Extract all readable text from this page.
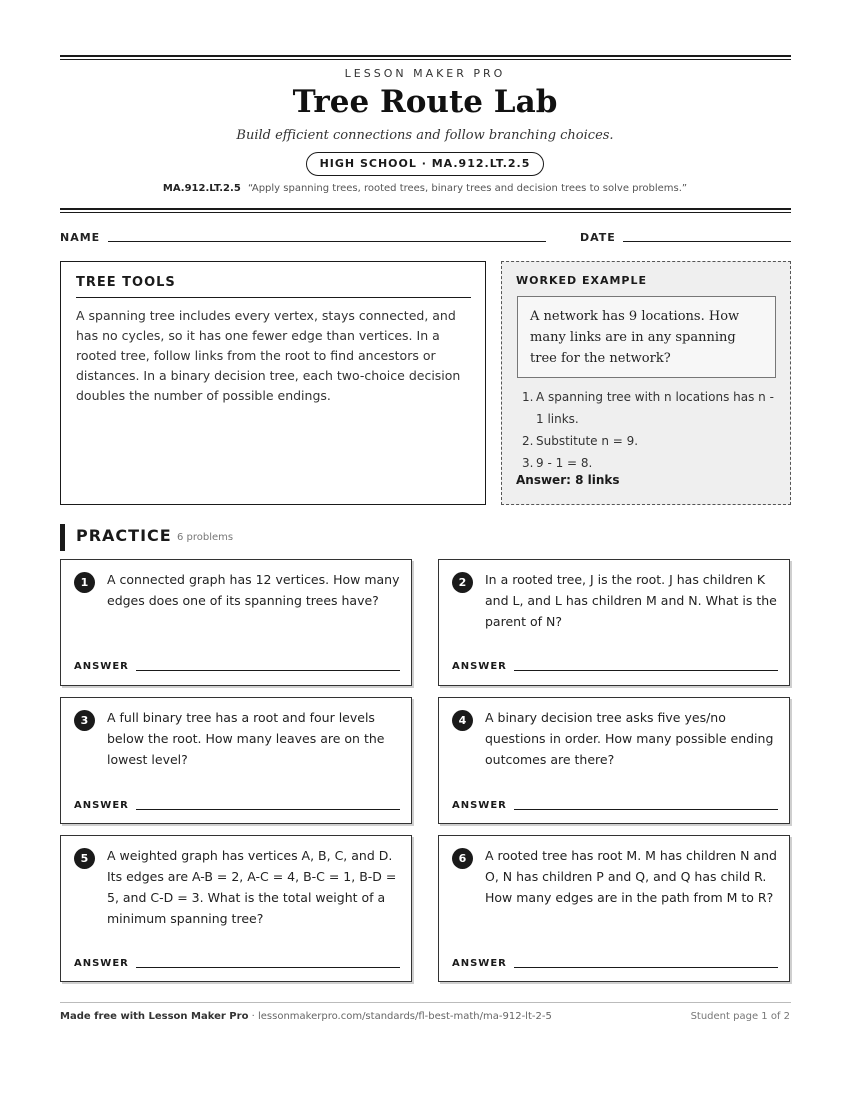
LESSON MAKER PRO
Tree Route Lab
Build efficient connections and follow branching choices.
HIGH SCHOOL · MA.912.LT.2.5
MA.912.LT.2.5 “Apply spanning trees, rooted trees, binary trees and decision trees to solve problems.”
NAME	DATE
TREE TOOLS
A spanning tree includes every vertex, stays connected, and has no cycles, so it has one fewer edge than vertices. In a rooted tree, follow links from the root to find ancestors or distances. In a binary decision tree, each two-choice decision doubles the number of possible endings.
WORKED EXAMPLE
A network has 9 locations. How many links are in any spanning tree for the network?
1. A spanning tree with n locations has n - 1 links.
2. Substitute n = 9.
3. 9 - 1 = 8.
Answer: 8 links
PRACTICE 6 problems
1	A connected graph has 12 vertices. How many edges does one of its spanning trees have?
ANSWER
2	In a rooted tree, J is the root. J has children K and L, and L has children M and N. What is the parent of N?
ANSWER
3	A full binary tree has a root and four levels below the root. How many leaves are on the lowest level?
ANSWER
4	A binary decision tree asks five yes/no questions in order. How many possible ending outcomes are there?
ANSWER
5	A weighted graph has vertices A, B, C, and D. Its edges are A-B = 2, A-C = 4, B-C = 1, B-D = 5, and C-D = 3. What is the total weight of a minimum spanning tree?
ANSWER
6	A rooted tree has root M. M has children N and O, N has children P and Q, and Q has child R. How many edges are in the path from M to R?
ANSWER
Made free with Lesson Maker Pro · lessonmakerpro.com/standards/fl-best-math/ma-912-lt-2-5	Student page 1 of 2
